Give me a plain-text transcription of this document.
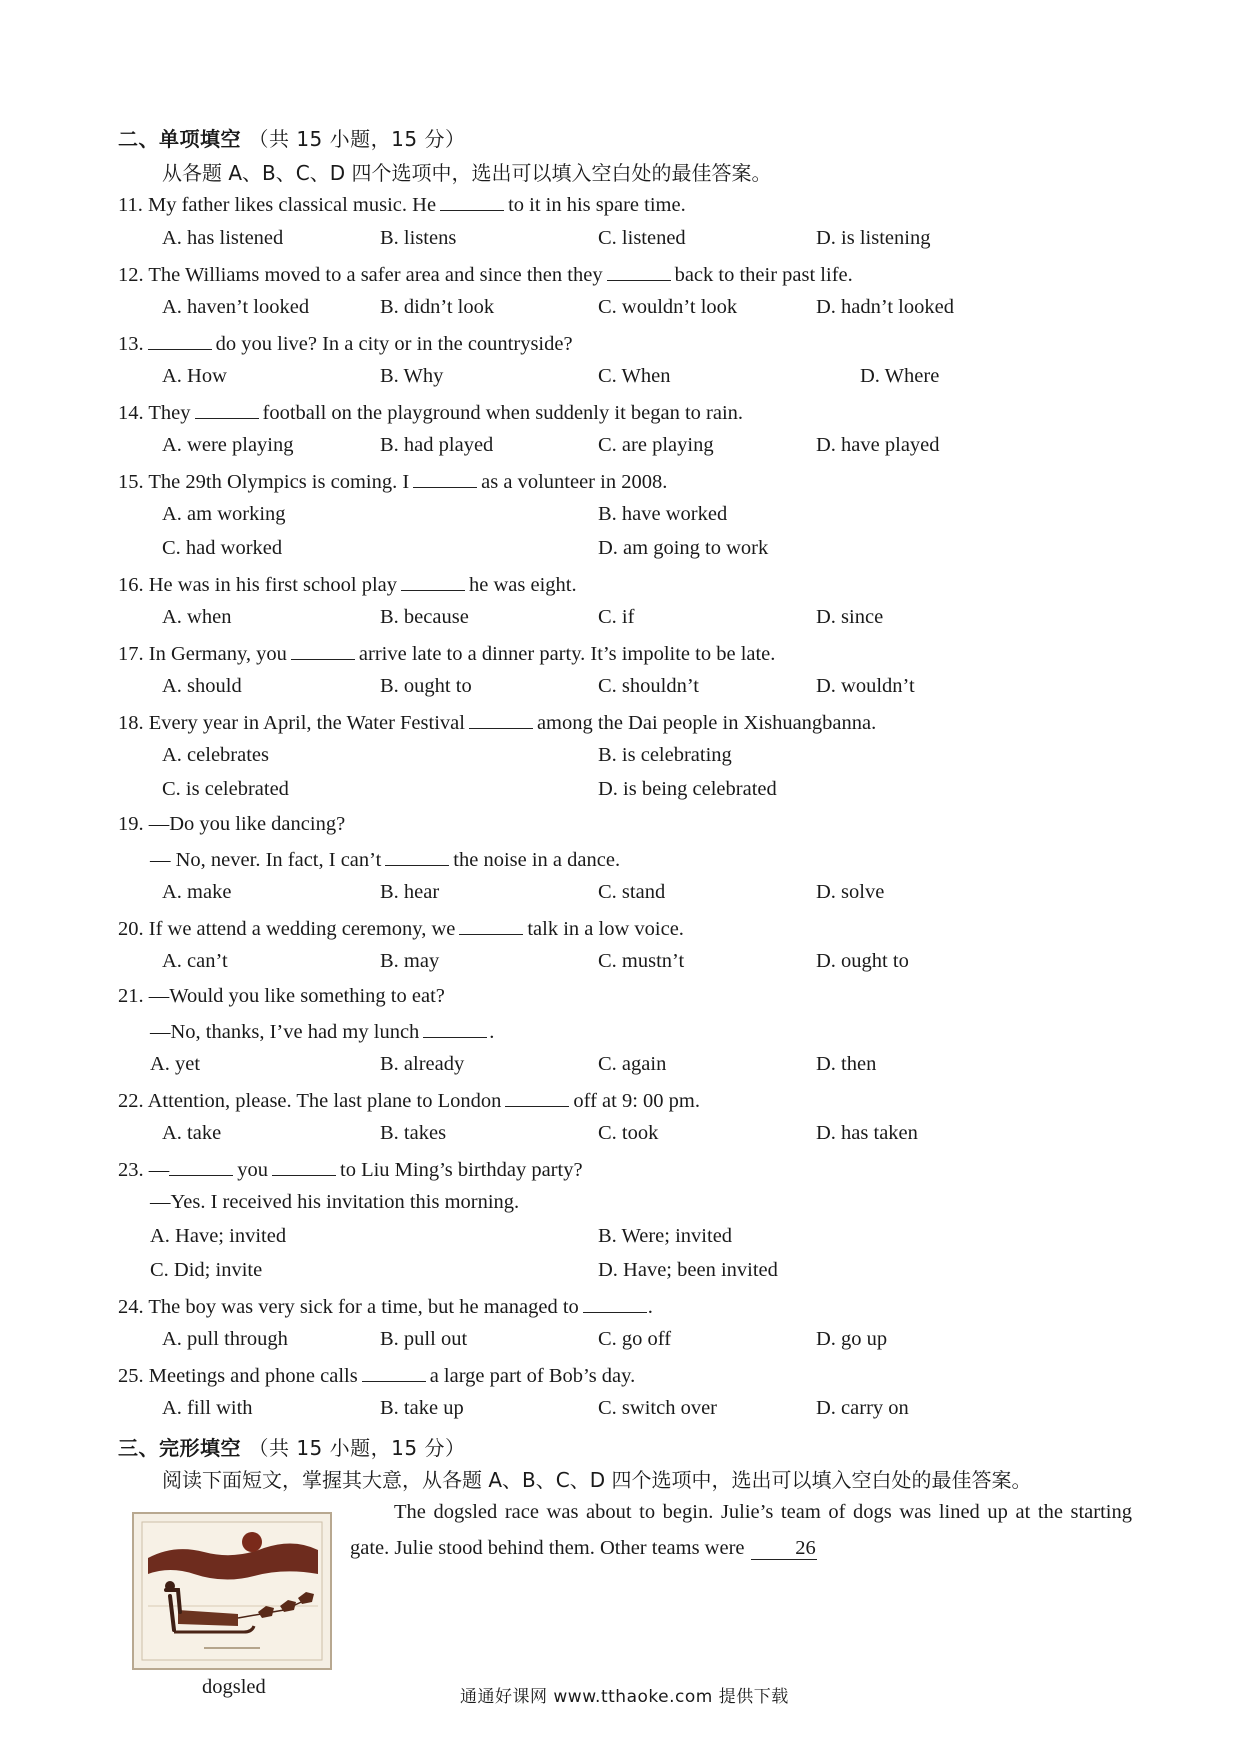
二、单项填空 （共 15 小题，15 分）
从各题 A、B、C、D 四个选项中，选出可以填入空白处的最佳答案。
11. My father likes classical music. He	to it in his spare time.
A. has listened	B. listens	C. listened	D. is listening
12. The Williams moved to a safer area and since then they	back to their past life.
A. haven’t looked	B. didn’t look	C. wouldn’t look	D. hadn’t looked
13.	do you live? In a city or in the countryside?
A. How	B. Why	C. When	D. Where
14. They	football on the playground when suddenly it began to rain.
A. were playing	B. had played	C. are playing	D. have played
15. The 29th Olympics is coming. I	as a volunteer in 2008.
A. am working	B. have worked
C. had worked	D. am going to work
16. He was in his first school play	he was eight.
A. when	B. because	C. if	D. since
17. In Germany, you	arrive late to a dinner party. It’s impolite to be late.
A. should	B. ought to	C. shouldn’t	D. wouldn’t
18. Every year in April, the Water Festival	among the Dai people in Xishuangbanna.
A. celebrates	B. is celebrating
C. is celebrated	D. is being celebrated
19. —Do you like dancing?
— No, never. In fact, I can’t	the noise in a dance.
A. make	B. hear	C. stand	D. solve
20. If we attend a wedding ceremony, we	talk in a low voice.
A. can’t	B. may	C. mustn’t	D. ought to
21. —Would you like something to eat?
—No, thanks, I’ve had my lunch	.
A. yet	B. already	C. again	D. then
22. Attention, please. The last plane to London	off at 9: 00 pm.
A. take	B. takes	C. took	D. has taken
23. —	you	to Liu Ming’s birthday party?
—Yes. I received his invitation this morning.
A. Have; invited	B. Were; invited
C. Did; invite	D. Have; been invited
24. The boy was very sick for a time, but he managed to	.
A. pull through	B. pull out	C. go off	D. go up
25. Meetings and phone calls	a large part of Bob’s day.
A. fill with	B. take up	C. switch over	D. carry on
三、完形填空 （共 15 小题，15 分）
阅读下面短文，掌握其大意，从各题 A、B、C、D 四个选项中，选出可以填入空白处的最佳答案。
The dogsled race was about to begin. Julie’s team of dogs was lined up at the starting gate. Julie stood behind them. Other teams were 26
dogsled	通通好课网 www.tthaoke.com 提供下载
